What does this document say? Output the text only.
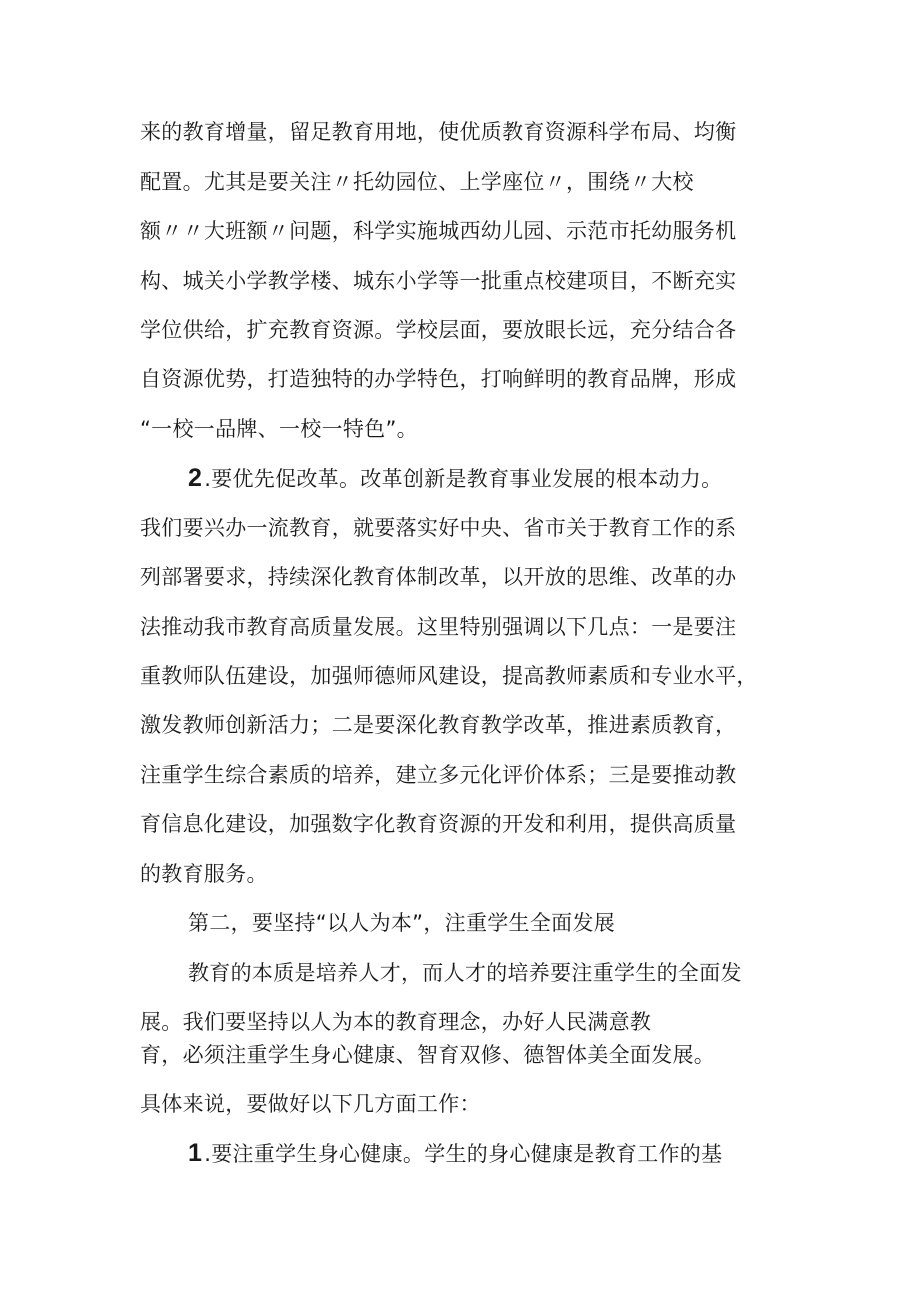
来的教育增量，留足教育用地，使优质教育资源科学布局、均衡
配置。尤其是要关注〃托幼园位、上学座位〃，围绕〃大校
额〃〃大班额〃问题，科学实施城西幼儿园、示范市托幼服务机
构、城关小学教学楼、城东小学等一批重点校建项目，不断充实
学位供给，扩充教育资源。学校层面，要放眼长远，充分结合各
自资源优势，打造独特的办学特色，打响鲜明的教育品牌，形成
“一校一品牌、一校一特色”。
2.要优先促改革。改革创新是教育事业发展的根本动力。
我们要兴办一流教育，就要落实好中央、省市关于教育工作的系
列部署要求，持续深化教育体制改革，以开放的思维、改革的办
法推动我市教育高质量发展。这里特别强调以下几点：一是要注
重教师队伍建设，加强师德师风建设，提高教师素质和专业水平，
激发教师创新活力；二是要深化教育教学改革，推进素质教育，
注重学生综合素质的培养，建立多元化评价体系；三是要推动教
育信息化建设，加强数字化教育资源的开发和利用，提供高质量
的教育服务。
第二，要坚持“以人为本”，注重学生全面发展
教育的本质是培养人才，而人才的培养要注重学生的全面发
展。我们要坚持以人为本的教育理念，办好人民满意教
育，必须注重学生身心健康、智育双修、德智体美全面发展。
具体来说，要做好以下几方面工作：
1.要注重学生身心健康。学生的身心健康是教育工作的基
